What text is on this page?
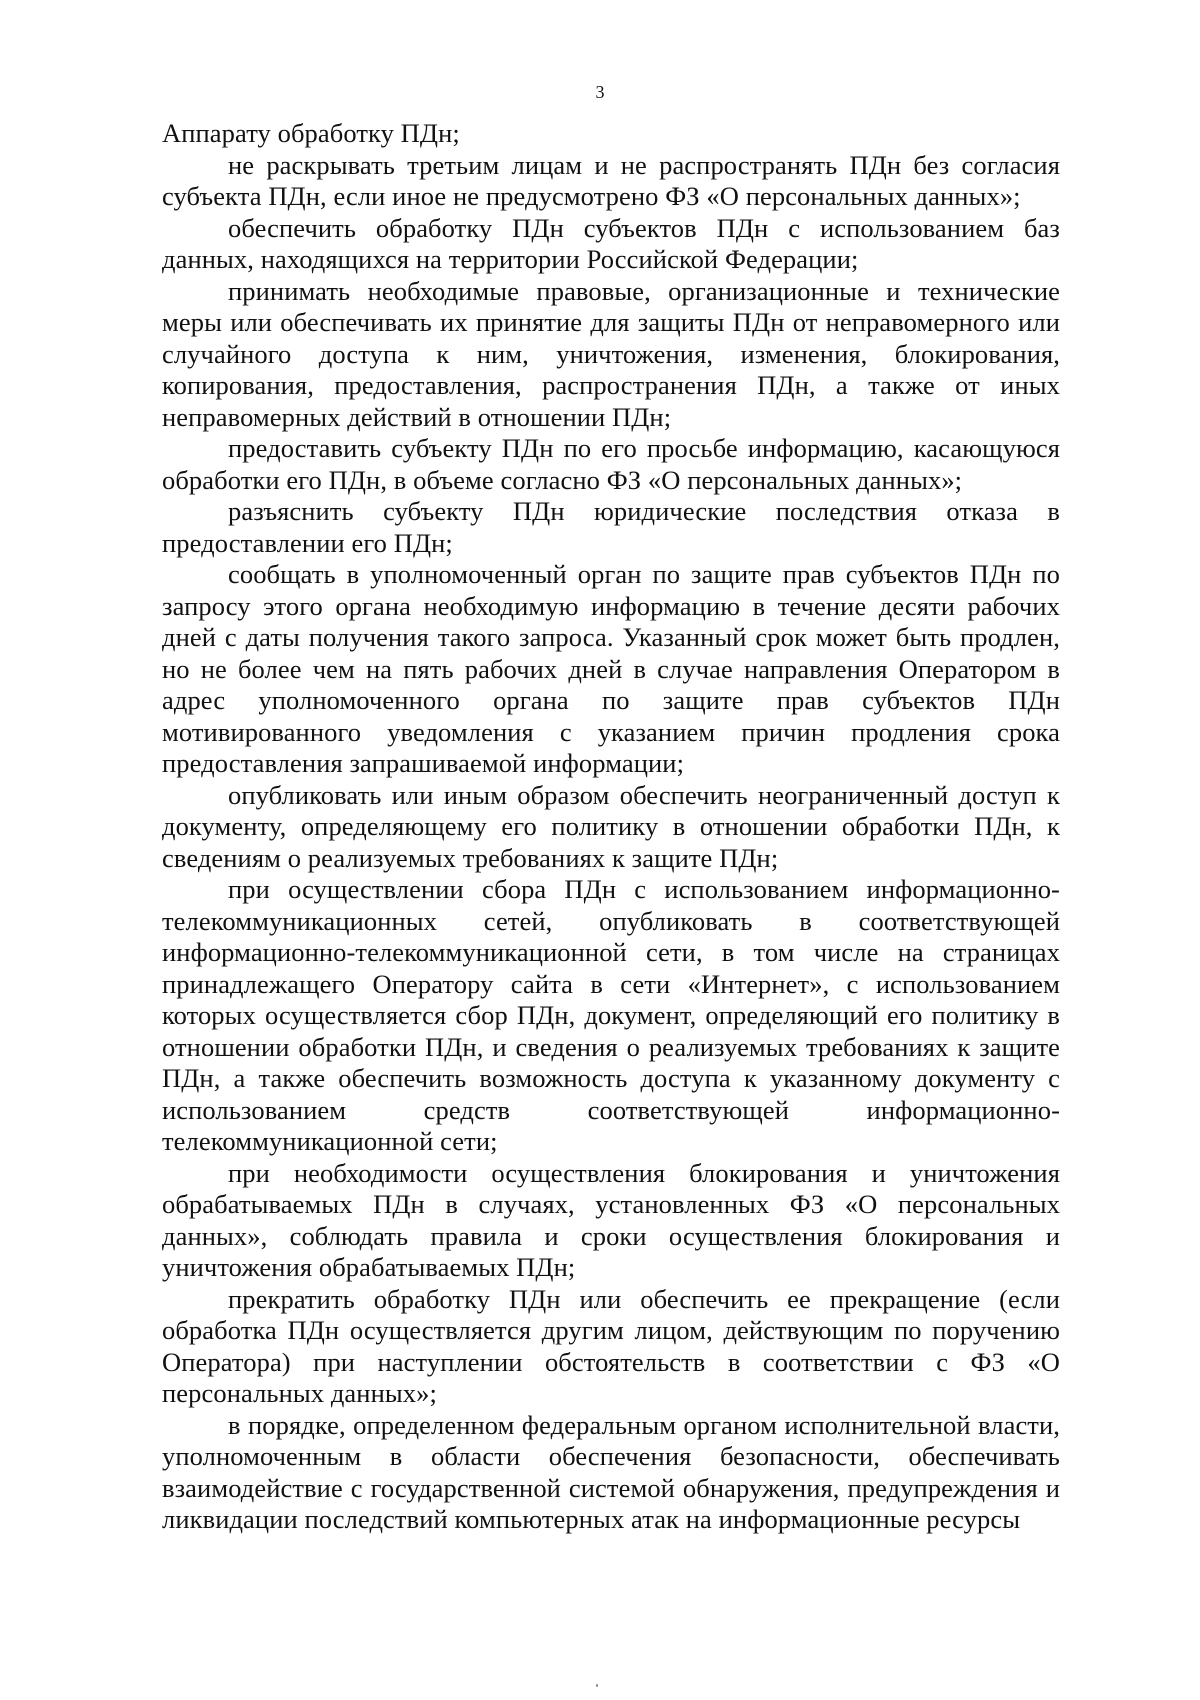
3

Аппарату обработку ПДн;

не раскрывать третьим лицам и не распространять ПДн без согласия субъекта ПДн, если иное не предусмотрено ФЗ «О персональных данных»;

обеспечить обработку ПДн субъектов ПДн с использованием баз данных, находящихся на территории Российской Федерации;

принимать необходимые правовые, организационные и технические меры или обеспечивать их принятие для защиты ПДн от неправомерного или случайного доступа к ним, уничтожения, изменения, блокирования, копирования, предоставления, распространения ПДн, а также от иных неправомерных действий в отношении ПДн;

предоставить субъекту ПДн по его просьбе информацию, касающуюся обработки его ПДн, в объеме согласно ФЗ «О персональных данных»;

разъяснить субъекту ПДн юридические последствия отказа в предоставлении его ПДн;

сообщать в уполномоченный орган по защите прав субъектов ПДн по запросу этого органа необходимую информацию в течение десяти рабочих дней с даты получения такого запроса. Указанный срок может быть продлен, но не более чем на пять рабочих дней в случае направления Оператором в адрес уполномоченного органа по защите прав субъектов ПДн мотивированного уведомления с указанием причин продления срока предоставления запрашиваемой информации;

опубликовать или иным образом обеспечить неограниченный доступ к документу, определяющему его политику в отношении обработки ПДн, к сведениям о реализуемых требованиях к защите ПДн;

при осуществлении сбора ПДн с использованием информационно-телекоммуникационных сетей, опубликовать в соответствующей информационно-телекоммуникационной сети, в том числе на страницах принадлежащего Оператору сайта в сети «Интернет», с использованием которых осуществляется сбор ПДн, документ, определяющий его политику в отношении обработки ПДн, и сведения о реализуемых требованиях к защите ПДн, а также обеспечить возможность доступа к указанному документу с использованием средств соответствующей информационно-телекоммуникационной сети;

при необходимости осуществления блокирования и уничтожения обрабатываемых ПДн в случаях, установленных ФЗ «О персональных данных», соблюдать правила и сроки осуществления блокирования и уничтожения обрабатываемых ПДн;

прекратить обработку ПДн или обеспечить ее прекращение (если обработка ПДн осуществляется другим лицом, действующим по поручению Оператора) при наступлении обстоятельств в соответствии с ФЗ «О персональных данных»;

в порядке, определенном федеральным органом исполнительной власти, уполномоченным в области обеспечения безопасности, обеспечивать взаимодействие с государственной системой обнаружения, предупреждения и ликвидации последствий компьютерных атак на информационные ресурсы
